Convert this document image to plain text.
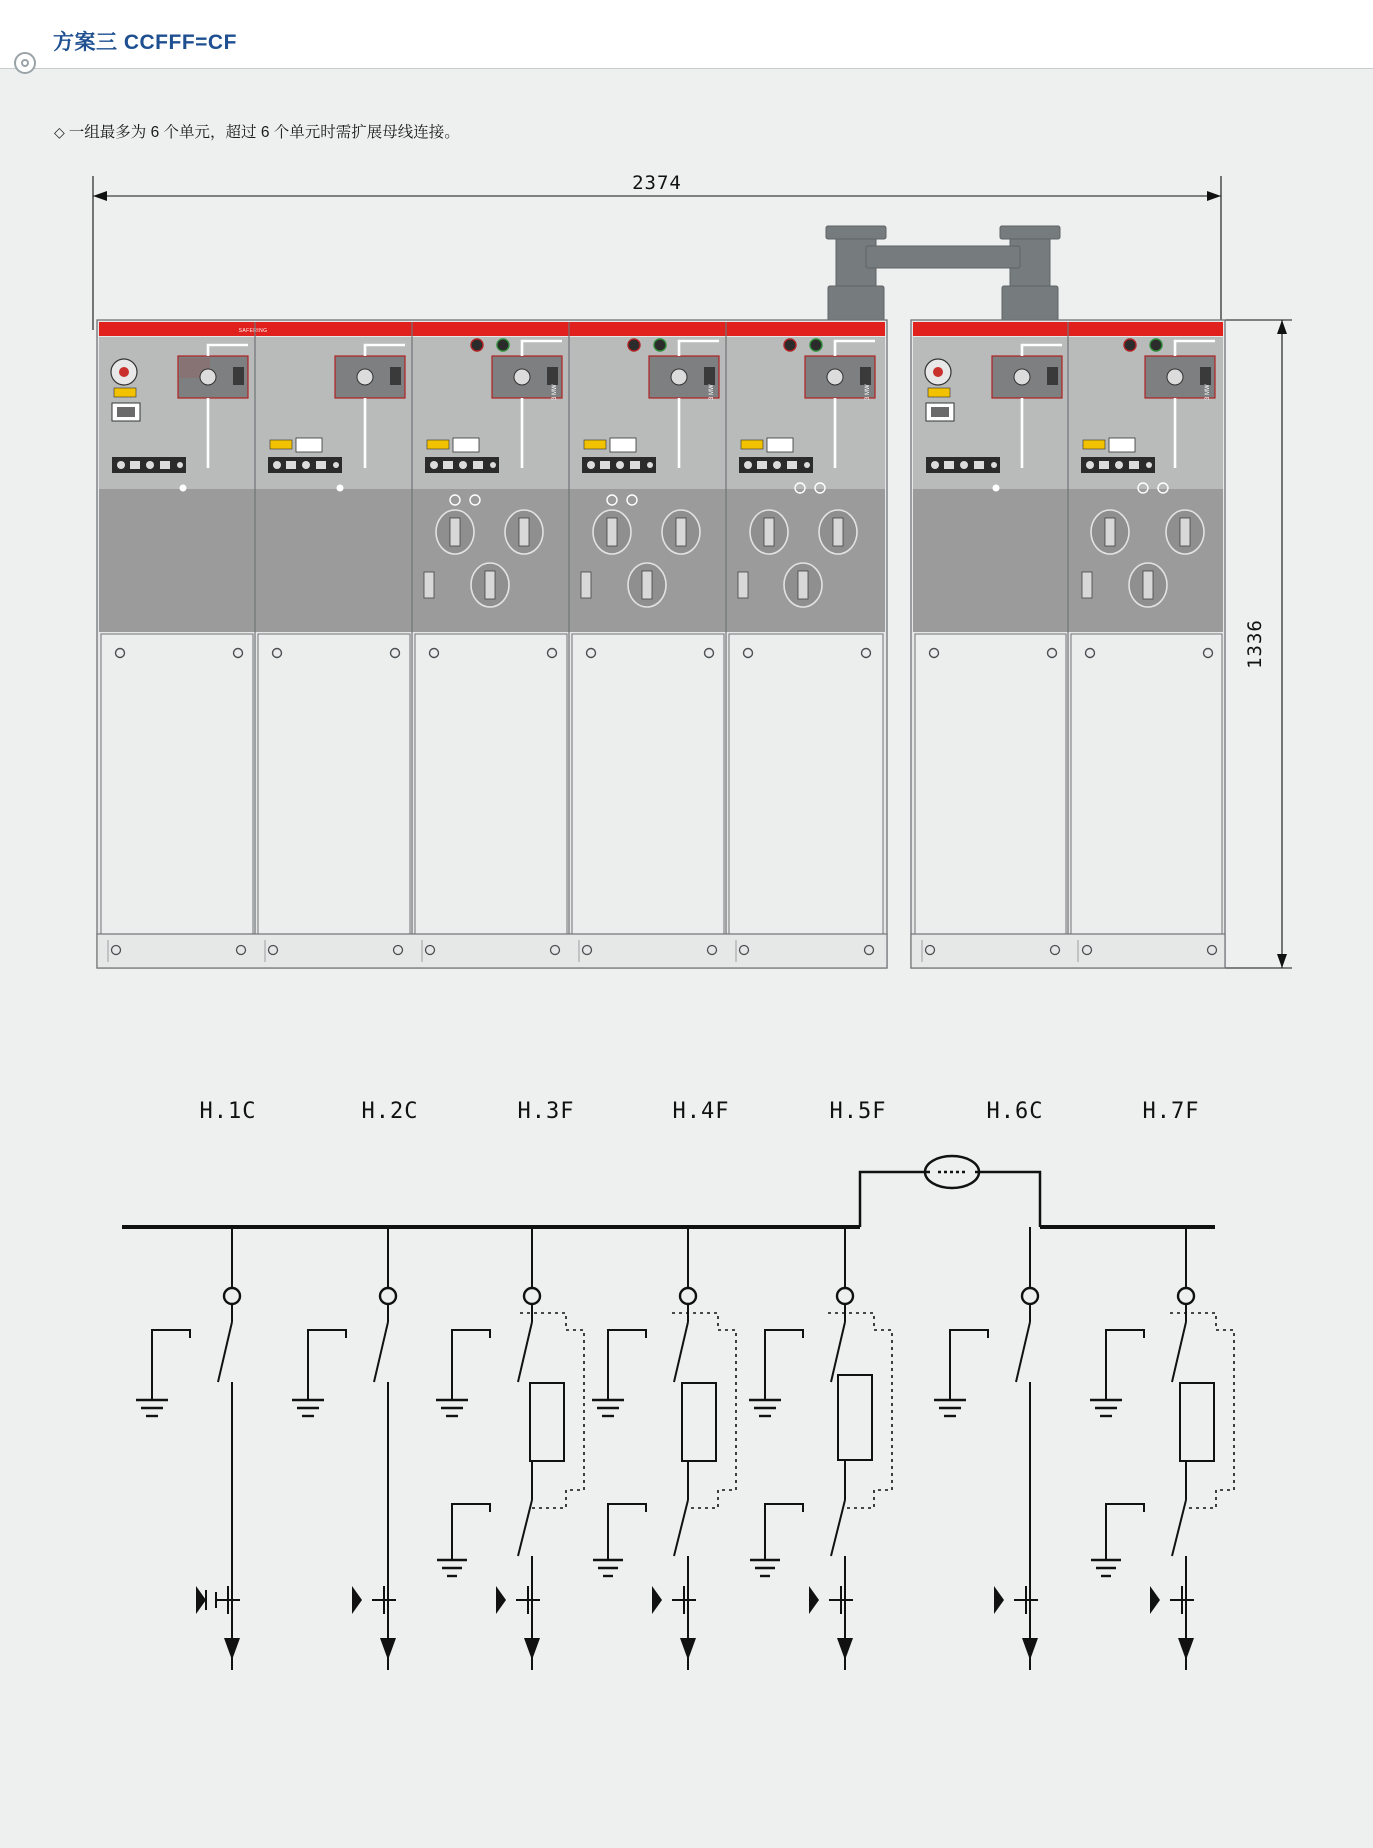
方案三 CCFFF=CF
◇ 一组最多为 6 个单元，超过 6 个单元时需扩展母线连接。
2374
1336
SAFERING
3 MW	3 MW	3 MW	3 MW
H.1C	H.2C	H.3F	H.4F	H.5F	H.6C	H.7F
